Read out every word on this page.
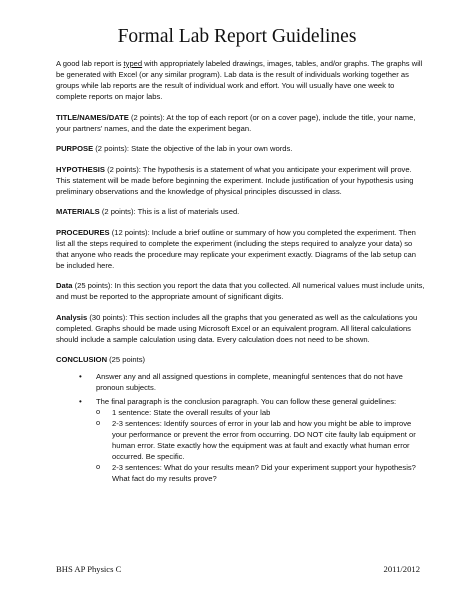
Formal Lab Report Guidelines

A good lab report is typed with appropriately labeled drawings, images, tables, and/or graphs. The graphs will be generated with Excel (or any similar program). Lab data is the result of individuals working together as groups while lab reports are the result of individual work and effort. You will usually have one week to complete reports on major labs.

TITLE/NAMES/DATE (2 points): At the top of each report (or on a cover page), include the title, your name, your partners' names, and the date the experiment began.

PURPOSE (2 points): State the objective of the lab in your own words.

HYPOTHESIS (2 points): The hypothesis is a statement of what you anticipate your experiment will prove. This statement will be made before beginning the experiment. Include justification of your hypothesis using preliminary observations and the knowledge of physical principles discussed in class.

MATERIALS (2 points): This is a list of materials used.

PROCEDURES (12 points): Include a brief outline or summary of how you completed the experiment. Then list all the steps required to complete the experiment (including the steps required to analyze your data) so that anyone who reads the procedure may replicate your experiment exactly. Diagrams of the lab setup can be included here.

Data (25 points): In this section you report the data that you collected. All numerical values must include units, and must be reported to the appropriate amount of significant digits.

Analysis (30 points): This section includes all the graphs that you generated as well as the calculations you completed. Graphs should be made using Microsoft Excel or an equivalent program. All literal calculations should include a sample calculation using data. Every calculation does not need to be shown.

CONCLUSION (25 points)

• Answer any and all assigned questions in complete, meaningful sentences that do not have pronoun subjects.
• The final paragraph is the conclusion paragraph. You can follow these general guidelines:
o 1 sentence: State the overall results of your lab
o 2-3 sentences: Identify sources of error in your lab and how you might be able to improve your performance or prevent the error from occurring. DO NOT cite faulty lab equipment or human error. State exactly how the equipment was at fault and exactly what human error occurred. Be specific.
o 2-3 sentences: What do your results mean? Did your experiment support your hypothesis? What fact do my results prove?
BHS AP Physics C	2011/2012
